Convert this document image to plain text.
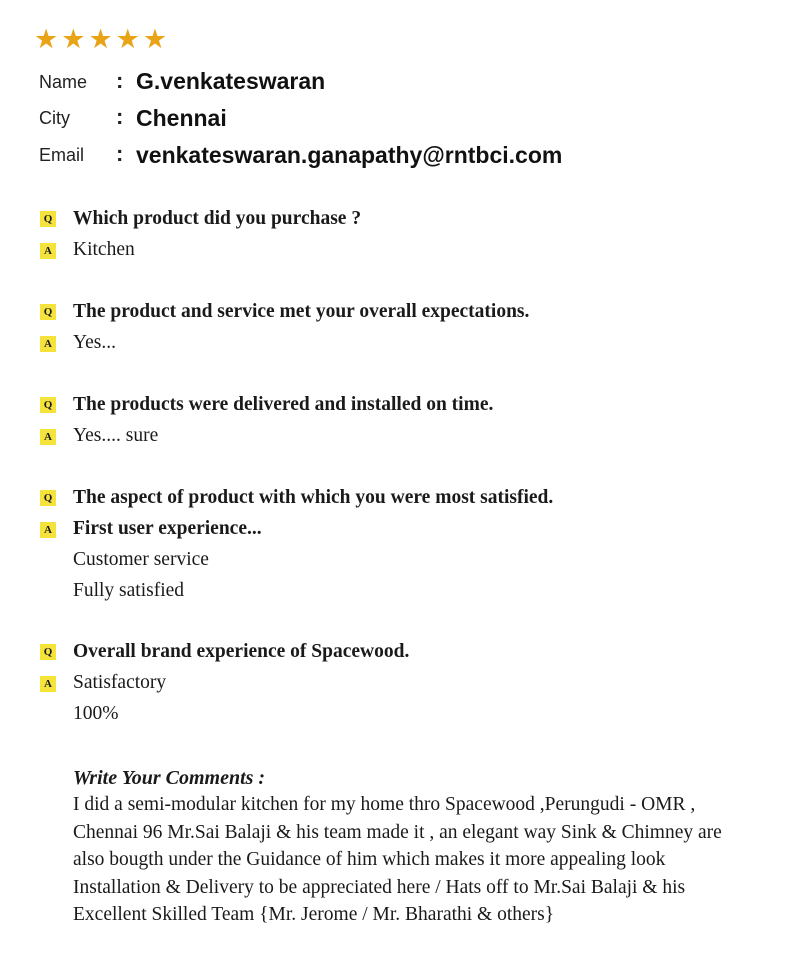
★ ★ ★ ★ ★
Name : G.venkateswaran
City : Chennai
Email : venkateswaran.ganapathy@rntbci.com
Q Which product did you purchase ?
A Kitchen
Q The product and service met your overall expectations.
A Yes...
Q The products were delivered and installed on time.
A Yes.... sure
Q The aspect of product with which you were most satisfied.
A First user experience...
Customer service
Fully satisfied
Q Overall brand experience of Spacewood.
A Satisfactory
100%
Write Your Comments :
I did a semi-modular kitchen for my home thro Spacewood ,Perungudi - OMR ,
Chennai 96 Mr.Sai Balaji & his team made it , an elegant way Sink & Chimney are
also bougth under the Guidance of him which makes it more appealing look
Installation & Delivery to be appreciated here / Hats off to Mr.Sai Balaji & his
Excellent Skilled Team {Mr. Jerome / Mr. Bharathi & others}
